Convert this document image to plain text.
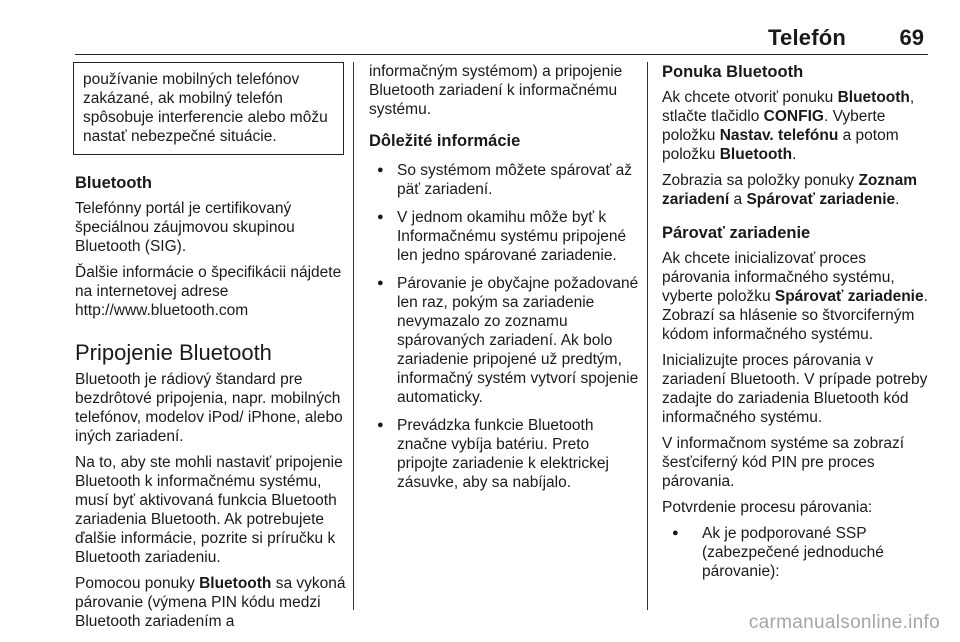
Telefón 69

používanie mobilných telefónov zakázané, ak mobilný telefón spôsobuje interferencie alebo môžu nastať nebezpečné situácie.

Bluetooth

Telefónny portál je certifikovaný špeciálnou záujmovou skupinou Bluetooth (SIG).

Ďalšie informácie o špecifikácii nájdete na internetovej adrese http://www.bluetooth.com

Pripojenie Bluetooth

Bluetooth je rádiový štandard pre bezdrôtové pripojenia, napr. mobilných telefónov, modelov iPod/ iPhone, alebo iných zariadení.

Na to, aby ste mohli nastaviť pripojenie Bluetooth k informačnému systému, musí byť aktivovaná funkcia Bluetooth zariadenia Bluetooth. Ak potrebujete ďalšie informácie, pozrite si príručku k Bluetooth zariadeniu.

Pomocou ponuky Bluetooth sa vykoná párovanie (výmena PIN kódu medzi Bluetooth zariadením a

informačným systémom) a pripojenie Bluetooth zariadení k informačnému systému.

Dôležité informácie
● So systémom môžete spárovať až päť zariadení.
● V jednom okamihu môže byť k Informačnému systému pripojené len jedno spárované zariadenie.
● Párovanie je obyčajne požadované len raz, pokým sa zariadenie nevymazalo zo zoznamu spárovaných zariadení. Ak bolo zariadenie pripojené už predtým, informačný systém vytvorí spojenie automaticky.
● Prevádzka funkcie Bluetooth značne vybíja batériu. Preto pripojte zariadenie k elektrickej zásuvke, aby sa nabíjalo.
Ponuka Bluetooth

Ak chcete otvoriť ponuku Bluetooth, stlačte tlačidlo CONFIG. Vyberte položku Nastav. telefónu a potom položku Bluetooth.

Zobrazia sa položky ponuky Zoznam zariadení a Spárovať zariadenie.

Párovať zariadenie

Ak chcete inicializovať proces párovania informačného systému, vyberte položku Spárovať zariadenie. Zobrazí sa hlásenie so štvorciferným kódom informačného systému.

Inicializujte proces párovania v zariadení Bluetooth. V prípade potreby zadajte do zariadenia Bluetooth kód informačného systému.

V informačnom systéme sa zobrazí šesťciferný kód PIN pre proces párovania.

Potvrdenie procesu párovania:

● Ak je podporované SSP (zabezpečené jednoduché párovanie):
carmanualsonline.info
